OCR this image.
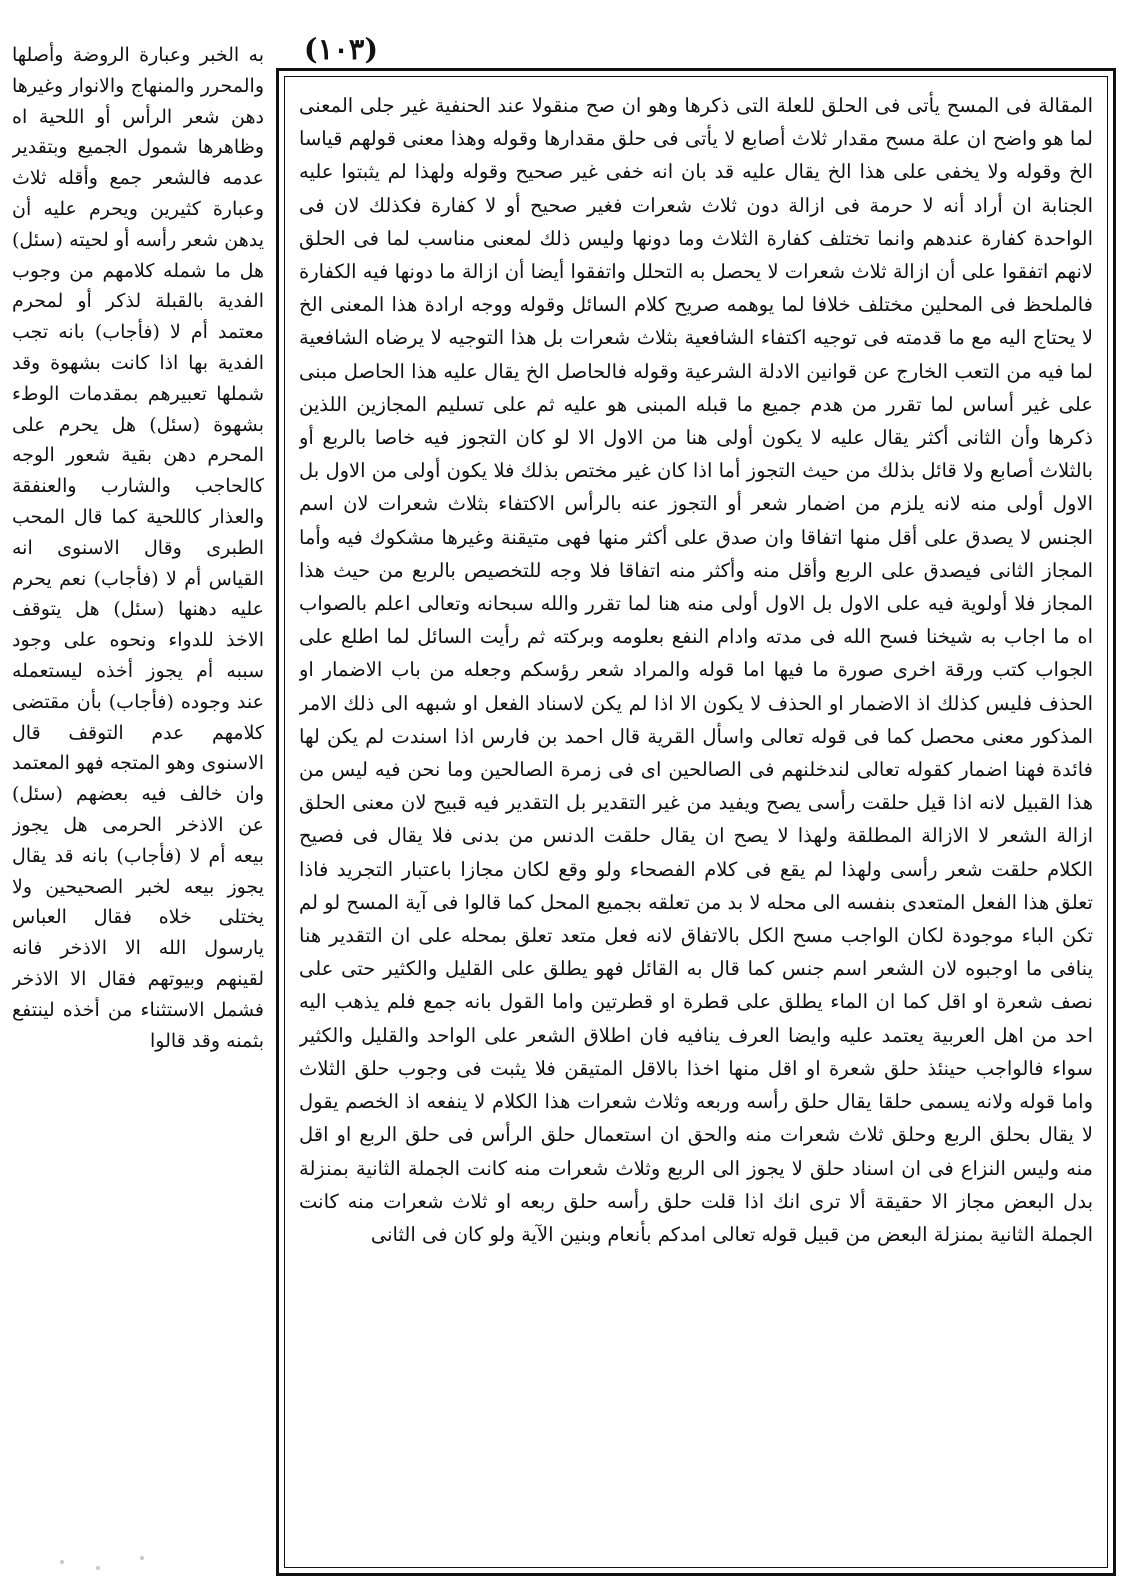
(١٠٣)

المقالة فى المسح يأتى فى الحلق للعلة التى ذكرها وهو ان صح منقولا عند الحنفية غير جلى المعنى لما هو واضح ان علة مسح مقدار ثلاث أصابع لا يأتى فى حلق مقدارها وقوله وهذا معنى قولهم قياسا الخ وقوله ولا يخفى على هذا الخ يقال عليه قد بان انه خفى غير صحيح وقوله ولهذا لم يثبتوا عليه الجنابة ان أراد أنه لا حرمة فى ازالة دون ثلاث شعرات فغير صحيح أو لا كفارة فكذلك لان فى الواحدة كفارة عندهم وانما تختلف كفارة الثلاث وما دونها وليس ذلك لمعنى مناسب لما فى الحلق لانهم اتفقوا على أن ازالة ثلاث شعرات لا يحصل به التحلل واتفقوا أيضا أن ازالة ما دونها فيه الكفارة فالملحظ فى المحلين مختلف خلافا لما يوهمه صريح كلام السائل وقوله ووجه ارادة هذا المعنى الخ لا يحتاج اليه مع ما قدمته فى توجيه اكتفاء الشافعية بثلاث شعرات بل هذا التوجيه لا يرضاه الشافعية لما فيه من التعب الخارج عن قوانين الادلة الشرعية وقوله فالحاصل الخ يقال عليه هذا الحاصل مبنى على غير أساس لما تقرر من هدم جميع ما قبله المبنى هو عليه ثم على تسليم المجازين اللذين ذكرها وأن الثانى أكثر يقال عليه لا يكون أولى هنا من الاول الا لو كان التجوز فيه خاصا بالربع أو بالثلاث أصابع ولا قائل بذلك من حيث التجوز أما اذا كان غير مختص بذلك فلا يكون أولى من الاول بل الاول أولى منه لانه يلزم من اضمار شعر أو التجوز عنه بالرأس الاكتفاء بثلاث شعرات لان اسم الجنس لا يصدق على أقل منها اتفاقا وان صدق على أكثر منها فهى متيقنة وغيرها مشكوك فيه وأما المجاز الثانى فيصدق على الربع وأقل منه وأكثر منه اتفاقا فلا وجه للتخصيص بالربع من حيث هذا المجاز فلا أولوية فيه على الاول بل الاول أولى منه هنا لما تقرر والله سبحانه وتعالى اعلم بالصواب اه ما اجاب به شيخنا فسح الله فى مدته وادام النفع بعلومه وبركته ثم رأيت السائل لما اطلع على الجواب كتب ورقة اخرى صورة ما فيها اما قوله والمراد شعر رؤسكم وجعله من باب الاضمار او الحذف فليس كذلك اذ الاضمار او الحذف لا يكون الا اذا لم يكن لاسناد الفعل او شبهه الى ذلك الامر المذكور معنى محصل كما فى قوله تعالى واسأل القرية قال احمد بن فارس اذا اسندت لم يكن لها فائدة فهنا اضمار كقوله تعالى لندخلنهم فى الصالحين اى فى زمرة الصالحين وما نحن فيه ليس من هذا القبيل لانه اذا قيل حلقت رأسى يصح ويفيد من غير التقدير بل التقدير فيه قبيح لان معنى الحلق ازالة الشعر لا الازالة المطلقة ولهذا لا يصح ان يقال حلقت الدنس من بدنى فلا يقال فى فصيح الكلام حلقت شعر رأسى ولهذا لم يقع فى كلام الفصحاء ولو وقع لكان مجازا باعتبار التجريد فاذا تعلق هذا الفعل المتعدى بنفسه الى محله لا بد من تعلقه بجميع المحل كما قالوا فى آية المسح لو لم تكن الباء موجودة لكان الواجب مسح الكل بالاتفاق لانه فعل متعد تعلق بمحله على ان التقدير هنا ينافى ما اوجبوه لان الشعر اسم جنس كما قال به القائل فهو يطلق على القليل والكثير حتى على نصف شعرة او اقل كما ان الماء يطلق على قطرة او قطرتين واما القول بانه جمع فلم يذهب اليه احد من اهل العربية يعتمد عليه وايضا العرف ينافيه فان اطلاق الشعر على الواحد والقليل والكثير سواء فالواجب حينئذ حلق شعرة او اقل منها اخذا بالاقل المتيقن فلا يثبت فى وجوب حلق الثلاث واما قوله ولانه يسمى حلقا يقال حلق رأسه وربعه وثلاث شعرات هذا الكلام لا ينفعه اذ الخصم يقول لا يقال بحلق الربع وحلق ثلاث شعرات منه والحق ان استعمال حلق الرأس فى حلق الربع او اقل منه وليس النزاع فى ان اسناد حلق لا يجوز الى الربع وثلاث شعرات منه كانت الجملة الثانية بمنزلة بدل البعض مجاز الا حقيقة ألا ترى انك اذا قلت حلق رأسه حلق ربعه او ثلاث شعرات منه كانت الجملة الثانية بمنزلة البعض من قبيل قوله تعالى امدكم بأنعام وبنين الآية ولو كان فى الثانى

به الخبر وعبارة الروضة وأصلها والمحرر والمنهاج والانوار وغيرها دهن شعر الرأس أو اللحية اه وظاهرها شمول الجميع وبتقدير عدمه فالشعر جمع وأقله ثلاث وعبارة كثيرين ويحرم عليه أن يدهن شعر رأسه أو لحيته (سئل) هل ما شمله كلامهم من وجوب الفدية بالقبلة لذكر أو لمحرم معتمد أم لا (فأجاب) بانه تجب الفدية بها اذا كانت بشهوة وقد شملها تعبيرهم بمقدمات الوطء بشهوة (سئل) هل يحرم على المحرم دهن بقية شعور الوجه كالحاجب والشارب والعنفقة والعذار كاللحية كما قال المحب الطبرى وقال الاسنوى انه القياس أم لا (فأجاب) نعم يحرم عليه دهنها (سئل) هل يتوقف الاخذ للدواء ونحوه على وجود سببه أم يجوز أخذه ليستعمله عند وجوده (فأجاب) بأن مقتضى كلامهم عدم التوقف قال الاسنوى وهو المتجه فهو المعتمد وان خالف فيه بعضهم (سئل) عن الاذخر الحرمى هل يجوز بيعه أم لا (فأجاب) بانه قد يقال يجوز بيعه لخبر الصحيحين ولا يختلى خلاه فقال العباس يارسول الله الا الاذخر فانه لقينهم وبيوتهم فقال الا الاذخر فشمل الاستثناء من أخذه لينتفع بثمنه وقد قالوا
